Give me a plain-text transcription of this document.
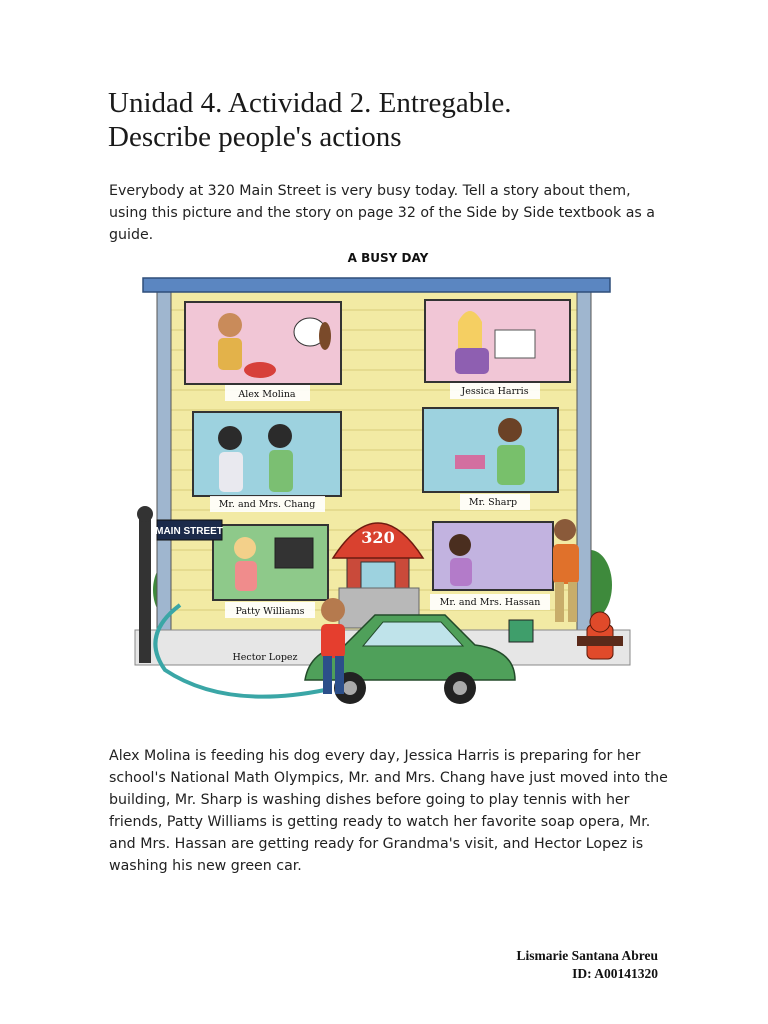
Unidad 4. Actividad 2. Entregable.
Describe people's actions
Everybody at 320 Main Street is very busy today. Tell a story about them, using this picture and the story on page 32 of the Side by Side textbook as a guide.
A BUSY DAY
MAIN STREET	320
Alex Molina	Jessica Harris
Mr. and Mrs. Chang	Mr. Sharp
Patty Williams
Mr. and Mrs. Hassan
Hector Lopez
Alex Molina is feeding his dog every day, Jessica Harris is preparing for her school's National Math Olympics, Mr. and Mrs. Chang have just moved into the building, Mr. Sharp is washing dishes before going to play tennis with her friends, Patty Williams is getting ready to watch her favorite soap opera, Mr. and Mrs. Hassan are getting ready for Grandma's visit, and Hector Lopez is washing his new green car.
Lismarie Santana Abreu
ID: A00141320
